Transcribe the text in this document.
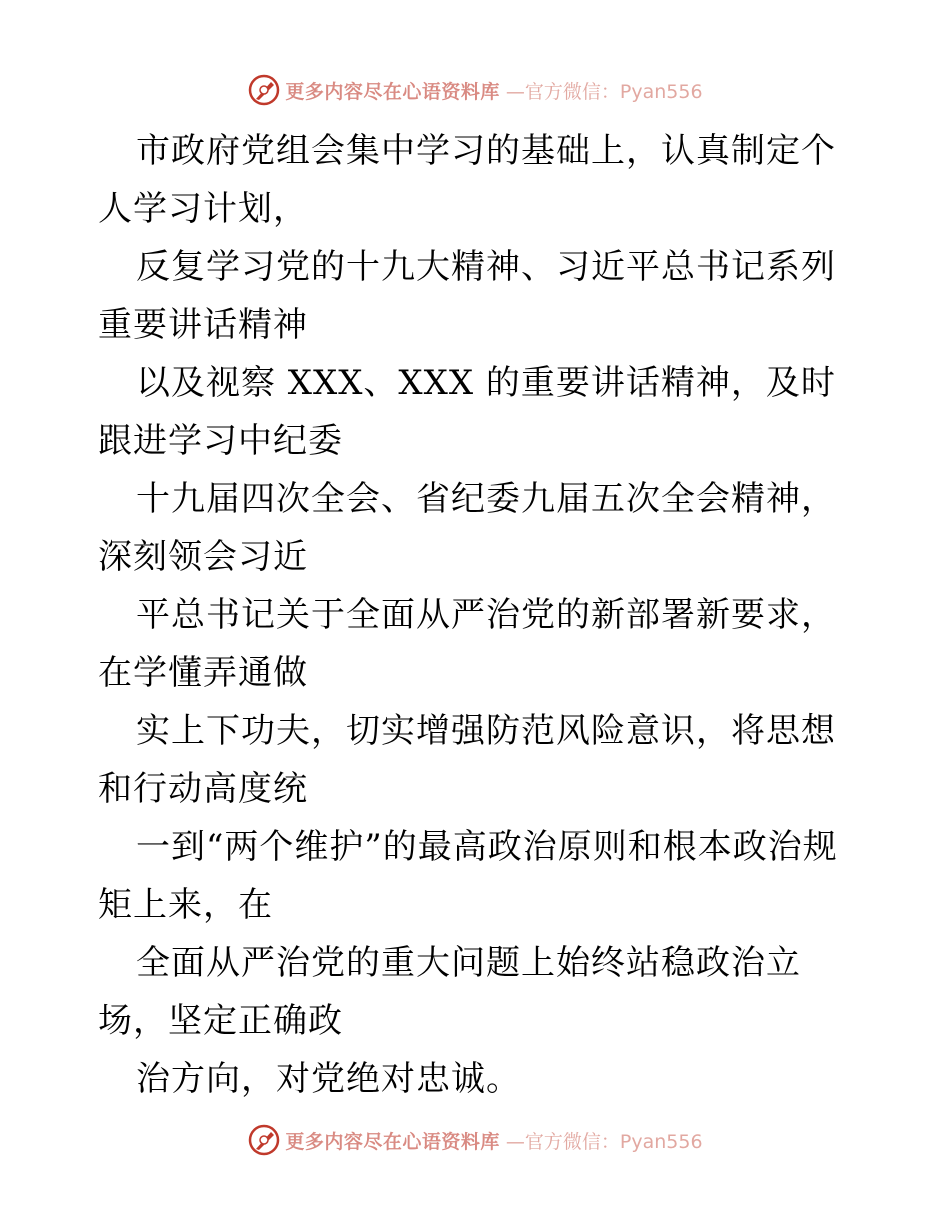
更多内容尽在心语资料库 —官方微信：Pyan556

市政府党组会集中学习的基础上，认真制定个人学习计划，

反复学习党的十九大精神、习近平总书记系列重要讲话精神

以及视察 XXX、XXX 的重要讲话精神，及时跟进学习中纪委

十九届四次全会、省纪委九届五次全会精神，深刻领会习近

平总书记关于全面从严治党的新部署新要求，在学懂弄通做

实上下功夫，切实增强防范风险意识，将思想和行动高度统

一到“两个维护”的最高政治原则和根本政治规矩上来，在

全面从严治党的重大问题上始终站稳政治立场，坚定正确政

治方向，对党绝对忠诚。

更多内容尽在心语资料库 —官方微信：Pyan556
